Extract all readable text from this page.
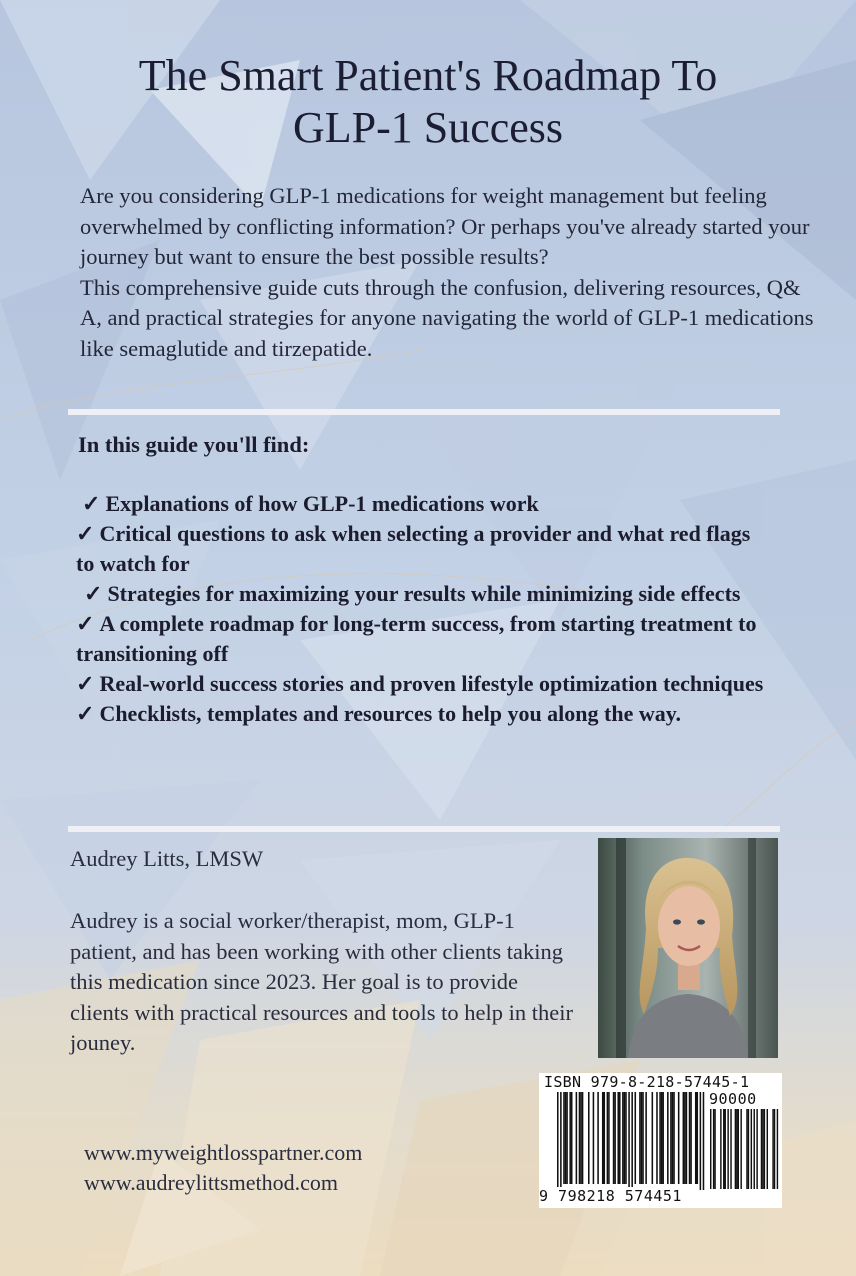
The Smart Patient's Roadmap To
GLP-1 Success

Are you considering GLP-1 medications for weight management but feeling overwhelmed by conflicting information? Or perhaps you've already started your journey but want to ensure the best possible results?

This comprehensive guide cuts through the confusion, delivering resources, Q& A, and practical strategies for anyone navigating the world of GLP-1 medications like semaglutide and tirzepatide.

In this guide you'll find:
✓ Explanations of how GLP-1 medications work
✓ Critical questions to ask when selecting a provider and what red flags to watch for
✓ Strategies for maximizing your results while minimizing side effects
✓ A complete roadmap for long-term success, from starting treatment to transitioning off
✓ Real-world success stories and proven lifestyle optimization techniques
✓ Checklists, templates and resources to help you along the way.
Audrey Litts, LMSW

Audrey is a social worker/therapist, mom, GLP-1 patient, and has been working with other clients taking this medication since 2023. Her goal is to provide clients with practical resources and tools to help in their jouney.

www.myweightlosspartner.com
www.audreylittsmethod.com
ISBN 979-8-218-57445-1
90000
9 798218 574451
